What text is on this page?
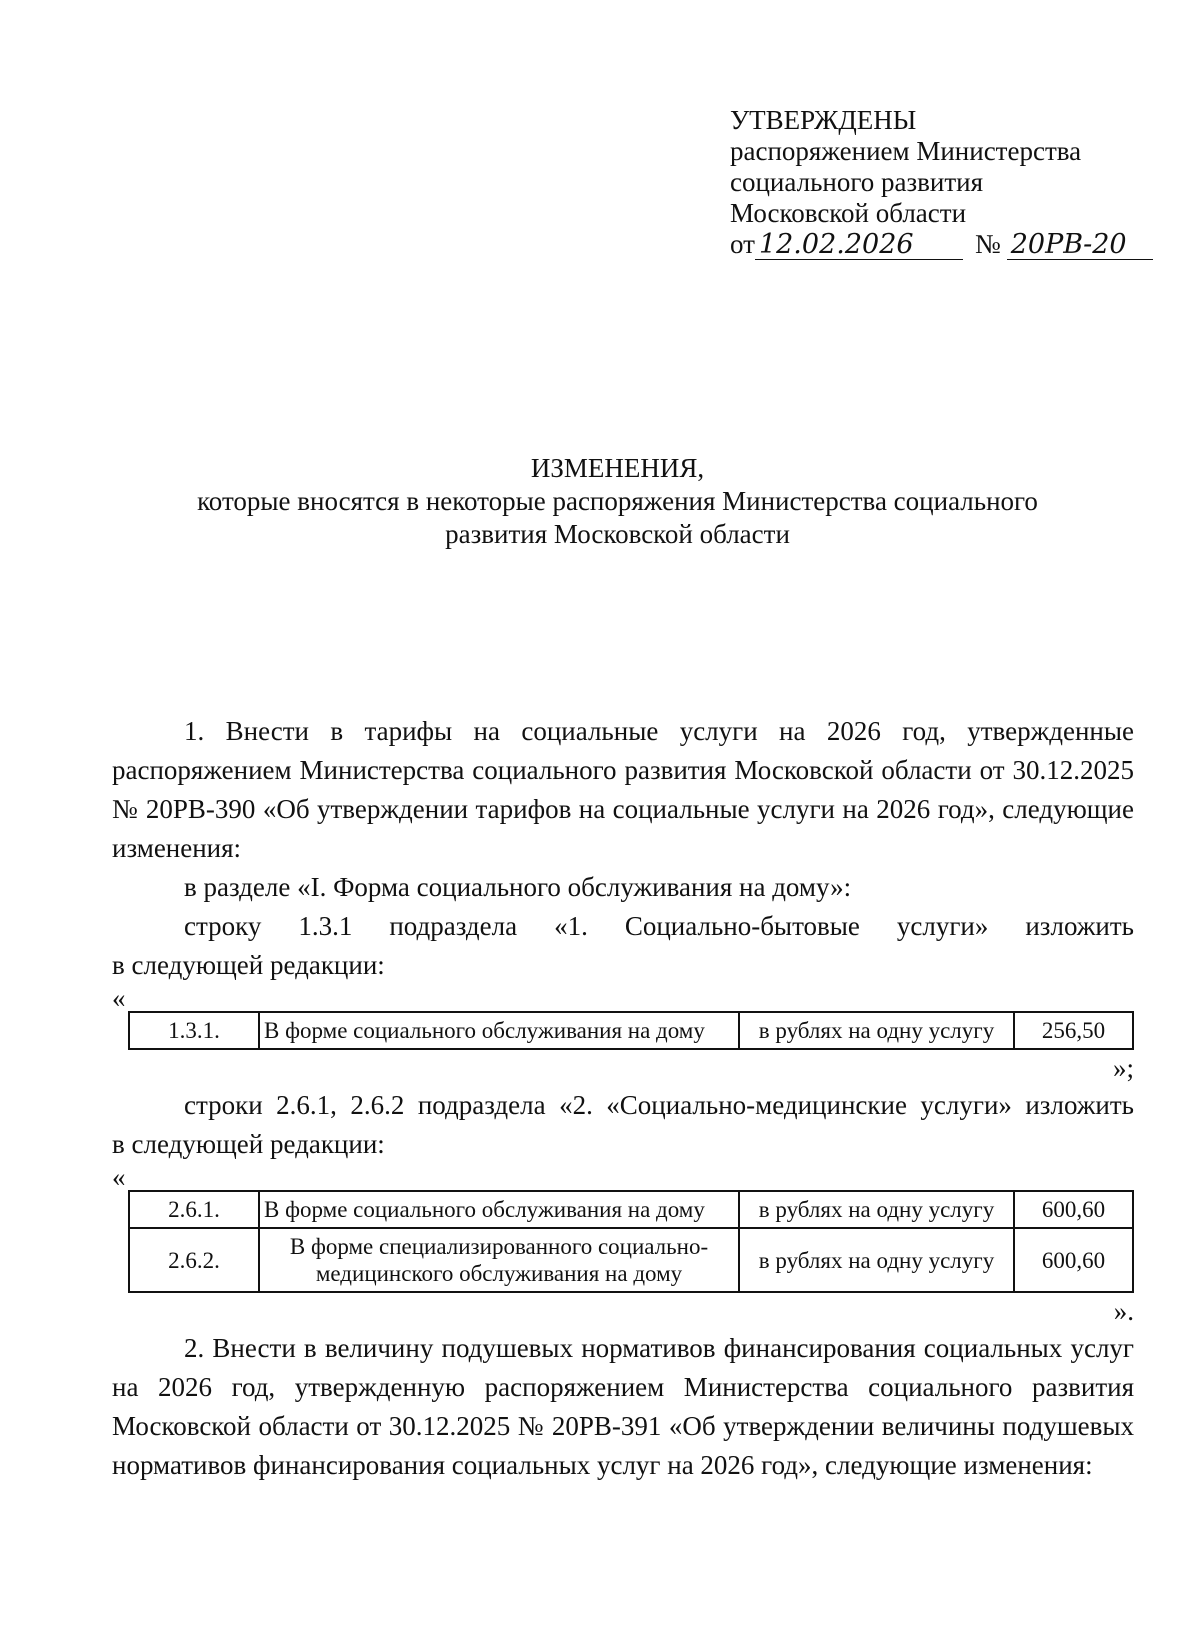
УТВЕРЖДЕНЫ
распоряжением Министерства
социального развития
Московской области
от 12.02.2026	№ 20РВ-20
ИЗМЕНЕНИЯ,
которые вносятся в некоторые распоряжения Министерства социального
развития Московской области

1. Внести в тарифы на социальные услуги на 2026 год, утвержденные распоряжением Министерства социального развития Московской области от 30.12.2025 № 20РВ-390 «Об утверждении тарифов на социальные услуги на 2026 год», следующие изменения:

в разделе «I. Форма социального обслуживания на дому»:

строку 1.3.1 подраздела «1. Социально-бытовые услуги» изложить

в следующей редакции:

«

1.3.1.	В форме социального обслуживания на дому	в рублях на одну услугу	256,50

»;

строки 2.6.1, 2.6.2 подраздела «2. «Социально-медицинские услуги» изложить

в следующей редакции:

«

2.6.1.	В форме социального обслуживания на дому	в рублях на одну услугу	600,60
2.6.2.	В форме специализированного социально-медицинского обслуживания на дому	в рублях на одну услугу	600,60

».

2. Внести в величину подушевых нормативов финансирования социальных услуг на 2026 год, утвержденную распоряжением Министерства социального развития Московской области от 30.12.2025 № 20РВ-391 «Об утверждении величины подушевых нормативов финансирования социальных услуг на 2026 год», следующие изменения:
